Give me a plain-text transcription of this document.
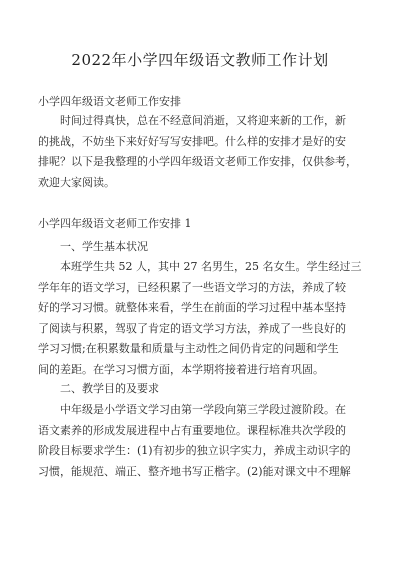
2022年小学四年级语文教师工作计划
小学四年级语文老师工作安排
时间过得真快，总在不经意间消逝，又将迎来新的工作，新
的挑战，不妨坐下来好好写写安排吧。什么样的安排才是好的安
排呢？以下是我整理的小学四年级语文老师工作安排，仅供参考，
欢迎大家阅读。
小学四年级语文老师工作安排 1
一、学生基本状况
本班学生共 52 人，其中 27 名男生，25 名女生。学生经过三
学年年的语文学习，已经积累了一些语文学习的方法，养成了较
好的学习习惯。就整体来看，学生在前面的学习过程中基本坚持
了阅读与积累，驾驭了肯定的语文学习方法，养成了一些良好的
学习习惯;在积累数量和质量与主动性之间仍肯定的问题和学生
间的差距。在学习习惯方面，本学期将接着进行培育巩固。
二、教学目的及要求
中年级是小学语文学习由第一学段向第三学段过渡阶段。在
语文素养的形成发展进程中占有重要地位。课程标准共次学段的
阶段目标要求学生：(1)有初步的独立识字实力，养成主动识字的
习惯，能规范、端正、整齐地书写正楷字。(2)能对课文中不理解
